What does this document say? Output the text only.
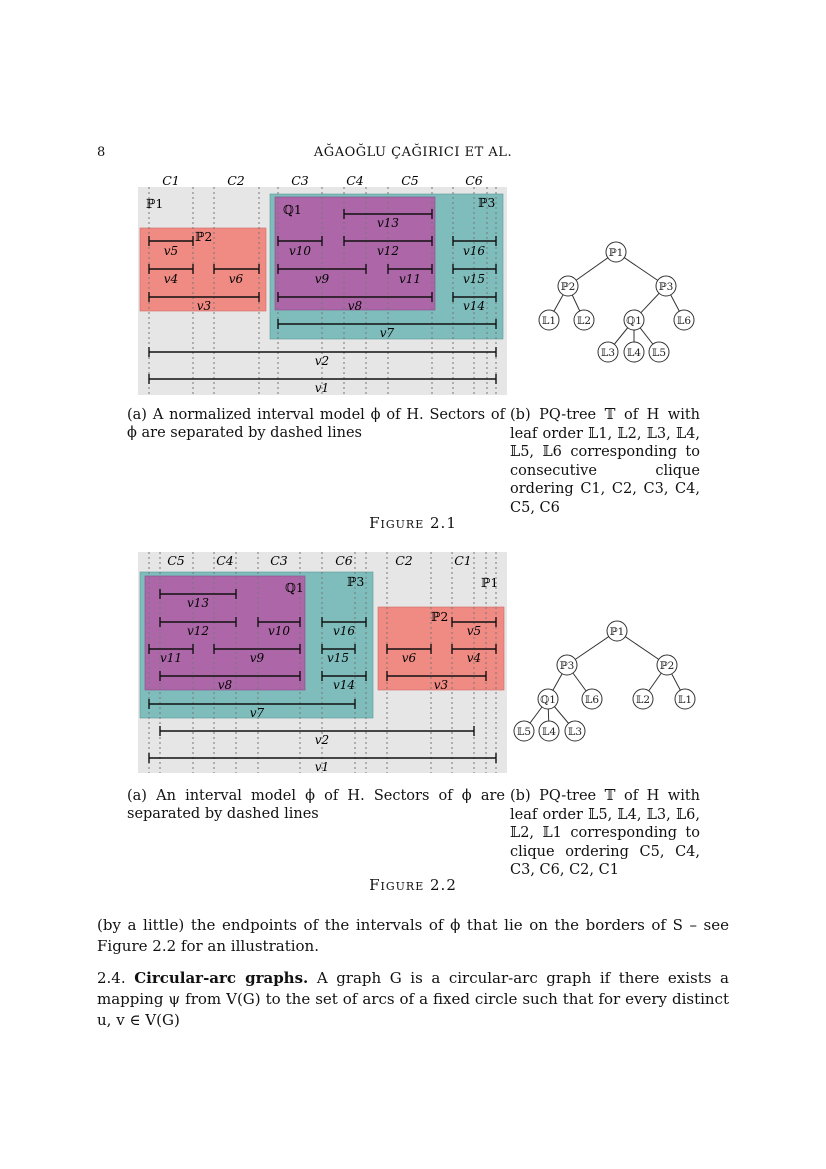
8	AĞAOĞLU ÇAĞIRICI ET AL.
C1	C2	C3	C4	C5	C6
ℙ1
ℙ2
ℚ1	ℙ3
v13
v5	v10	v12	v16
v4	v6	v9	v11	v15
v3	v8	v14
v7
v2
v1
ℙ1
ℙ2	ℙ3
𝕃1 𝕃2	ℚ1	𝕃6
𝕃3 𝕃4 𝕃5
C5	C4	C3	C6	C2	C1
ℚ1	ℙ3	ℙ1
ℙ2
v13
v12	v10	v16	v5
v11	v9	v15	v6	v4
v8	v14	v3
v7
v2
v1
ℙ1
ℙ3	ℙ2
ℚ1	𝕃6	𝕃2	𝕃1
𝕃5 𝕃4 𝕃3
(a) A normalized interval model ϕ of H. Sectors of ϕ are separated by dashed lines
(b) PQ-tree 𝕋 of H with leaf order 𝕃1, 𝕃2, 𝕃3, 𝕃4, 𝕃5, 𝕃6 corresponding to consecutive clique ordering C1, C2, C3, C4, C5, C6
Figure 2.1
(a) An interval model ϕ of H. Sectors of ϕ are separated by dashed lines
(b) PQ-tree 𝕋 of H with leaf order 𝕃5, 𝕃4, 𝕃3, 𝕃6, 𝕃2, 𝕃1 corresponding to clique ordering C5, C4, C3, C6, C2, C1
Figure 2.2
(by a little) the endpoints of the intervals of ϕ that lie on the borders of S – see Figure 2.2 for an illustration.
2.4. Circular-arc graphs. A graph G is a circular-arc graph if there exists a mapping ψ from V(G) to the set of arcs of a fixed circle such that for every distinct u, v ∈ V(G)
